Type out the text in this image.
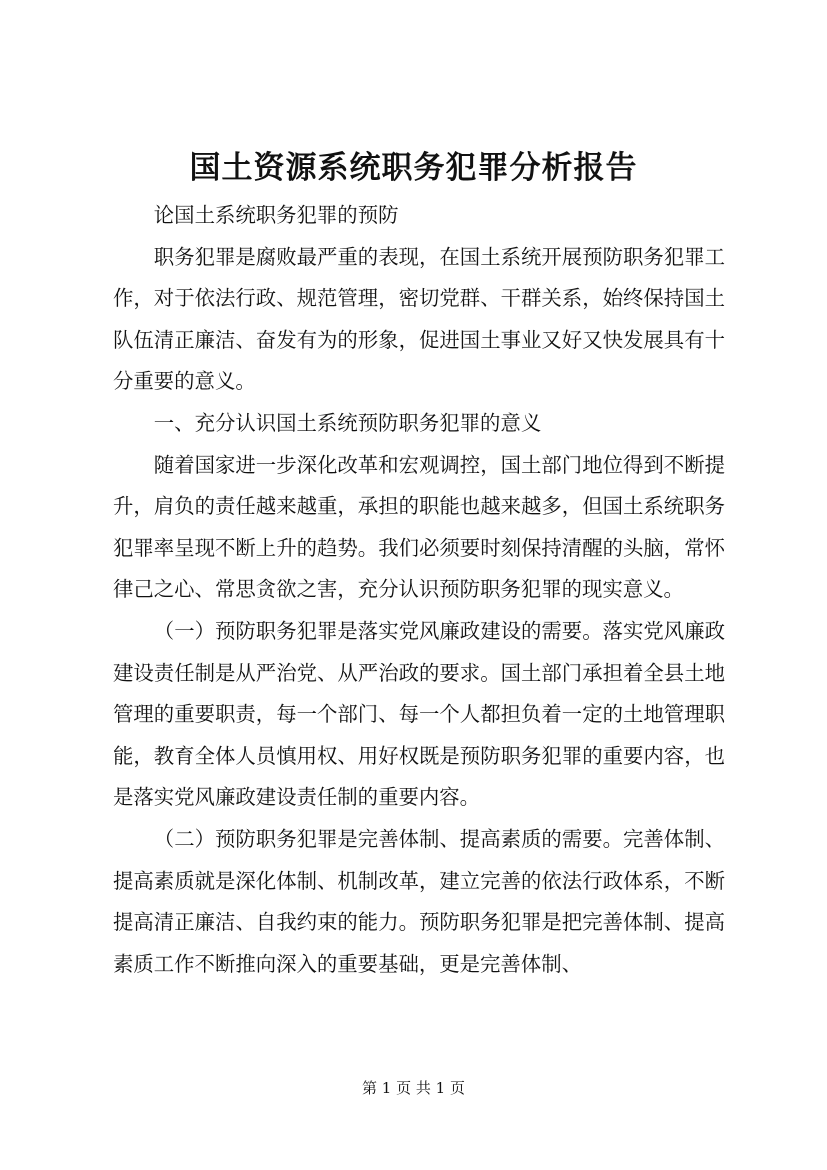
国土资源系统职务犯罪分析报告

论国土系统职务犯罪的预防

职务犯罪是腐败最严重的表现，在国土系统开展预防职务犯罪工作，对于依法行政、规范管理，密切党群、干群关系，始终保持国土队伍清正廉洁、奋发有为的形象，促进国土事业又好又快发展具有十分重要的意义。

一、充分认识国土系统预防职务犯罪的意义

随着国家进一步深化改革和宏观调控，国土部门地位得到不断提升，肩负的责任越来越重，承担的职能也越来越多，但国土系统职务犯罪率呈现不断上升的趋势。我们必须要时刻保持清醒的头脑，常怀律己之心、常思贪欲之害，充分认识预防职务犯罪的现实意义。

（一）预防职务犯罪是落实党风廉政建设的需要。落实党风廉政建设责任制是从严治党、从严治政的要求。国土部门承担着全县土地管理的重要职责，每一个部门、每一个人都担负着一定的土地管理职能，教育全体人员慎用权、用好权既是预防职务犯罪的重要内容，也是落实党风廉政建设责任制的重要内容。

（二）预防职务犯罪是完善体制、提高素质的需要。完善体制、提高素质就是深化体制、机制改革，建立完善的依法行政体系，不断提高清正廉洁、自我约束的能力。预防职务犯罪是把完善体制、提高素质工作不断推向深入的重要基础，更是完善体制、

第 1 页 共 1 页
